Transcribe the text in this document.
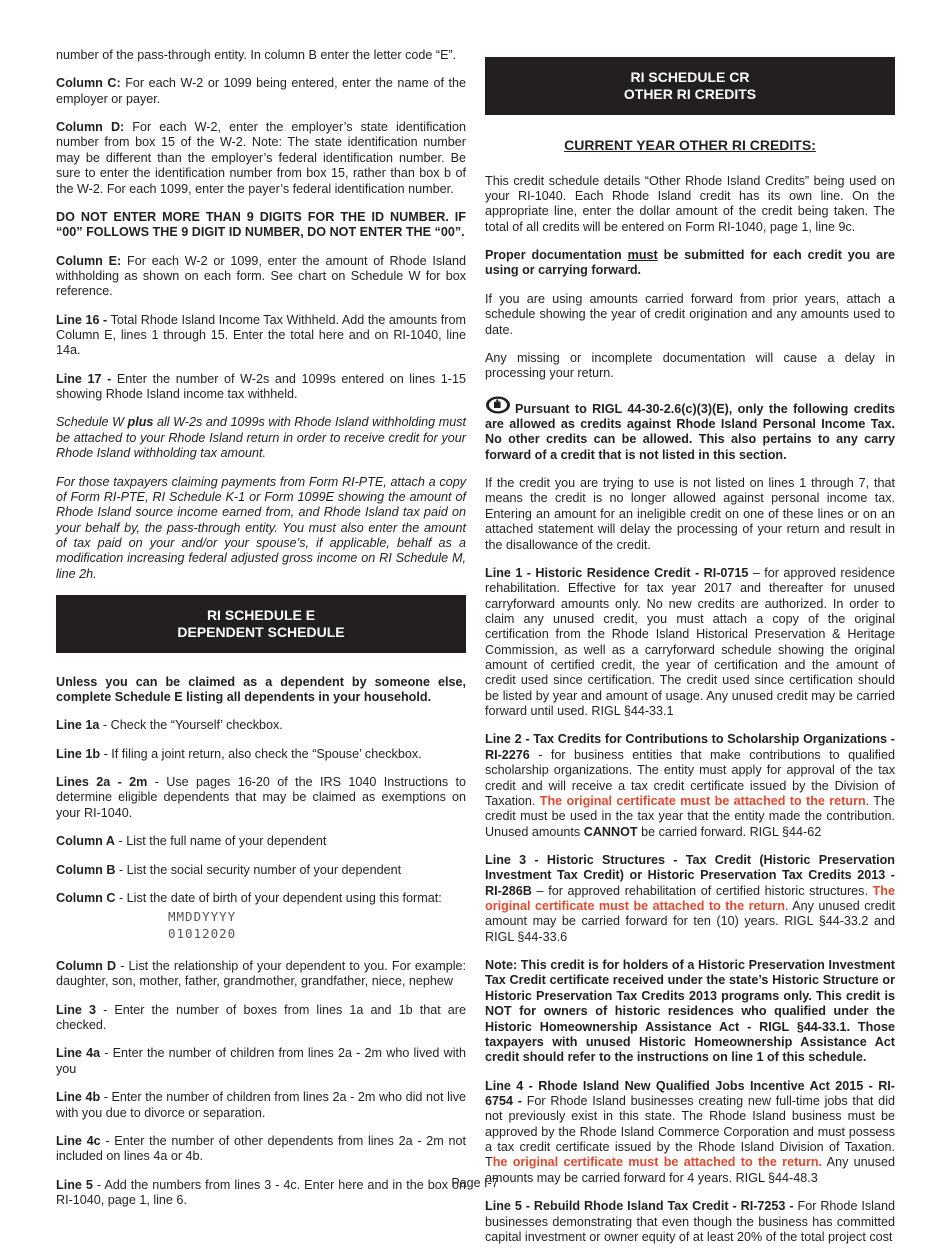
number of the pass-through entity. In column B enter the letter code “E”.

Column C: For each W-2 or 1099 being entered, enter the name of the employer or payer.

Column D: For each W-2, enter the employer’s state identification number from box 15 of the W-2. Note: The state identification number may be different than the employer’s federal identification number. Be sure to enter the identification number from box 15, rather than box b of the W-2. For each 1099, enter the payer’s federal identification number.

DO NOT ENTER MORE THAN 9 DIGITS FOR THE ID NUMBER. IF “00” FOLLOWS THE 9 DIGIT ID NUMBER, DO NOT ENTER THE “00”.

Column E: For each W-2 or 1099, enter the amount of Rhode Island withholding as shown on each form. See chart on Schedule W for box reference.

Line 16 - Total Rhode Island Income Tax Withheld. Add the amounts from Column E, lines 1 through 15. Enter the total here and on RI-1040, line 14a.

Line 17 - Enter the number of W-2s and 1099s entered on lines 1-15 showing Rhode Island income tax withheld.

Schedule W plus all W-2s and 1099s with Rhode Island withholding must be attached to your Rhode Island return in order to receive credit for your Rhode Island withholding tax amount.

For those taxpayers claiming payments from Form RI-PTE, attach a copy of Form RI-PTE, RI Schedule K-1 or Form 1099E showing the amount of Rhode Island source income earned from, and Rhode Island tax paid on your behalf by, the pass-through entity. You must also enter the amount of tax paid on your and/or your spouse’s, if applicable, behalf as a modification increasing federal adjusted gross income on RI Schedule M, line 2h.

RI SCHEDULE E
DEPENDENT SCHEDULE

Unless you can be claimed as a dependent by someone else, complete Schedule E listing all dependents in your household.

Line 1a - Check the “Yourself’ checkbox.

Line 1b - If filing a joint return, also check the “Spouse’ checkbox.

Lines 2a - 2m - Use pages 16-20 of the IRS 1040 Instructions to determine eligible dependents that may be claimed as exemptions on your RI-1040.

Column A - List the full name of your dependent

Column B - List the social security number of your dependent

Column C - List the date of birth of your dependent using this format:

MMDDYYYY
01012020

Column D - List the relationship of your dependent to you. For example: daughter, son, mother, father, grandmother, grandfather, niece, nephew

Line 3 - Enter the number of boxes from lines 1a and 1b that are checked.

Line 4a - Enter the number of children from lines 2a - 2m who lived with you

Line 4b - Enter the number of children from lines 2a - 2m who did not live with you due to divorce or separation.

Line 4c - Enter the number of other dependents from lines 2a - 2m not included on lines 4a or 4b.

Line 5 - Add the numbers from lines 3 - 4c. Enter here and in the box on RI-1040, page 1, line 6.

RI SCHEDULE CR
OTHER RI CREDITS
CURRENT YEAR OTHER RI CREDITS:

This credit schedule details “Other Rhode Island Credits” being used on your RI-1040. Each Rhode Island credit has its own line. On the appropriate line, enter the dollar amount of the credit being taken. The total of all credits will be entered on Form RI-1040, page 1, line 9c.

Proper documentation must be submitted for each credit you are using or carrying forward.

If you are using amounts carried forward from prior years, attach a schedule showing the year of credit origination and any amounts used to date.

Any missing or incomplete documentation will cause a delay in processing your return.

Pursuant to RIGL 44-30-2.6(c)(3)(E), only the following credits are allowed as credits against Rhode Island Personal Income Tax. No other credits can be allowed. This also pertains to any carry forward of a credit that is not listed in this section.

If the credit you are trying to use is not listed on lines 1 through 7, that means the credit is no longer allowed against personal income tax. Entering an amount for an ineligible credit on one of these lines or on an attached statement will delay the processing of your return and result in the disallowance of the credit.

Line 1 - Historic Residence Credit - RI-0715 – for approved residence rehabilitation. Effective for tax year 2017 and thereafter for unused carryforward amounts only. No new credits are authorized. In order to claim any unused credit, you must attach a copy of the original certification from the Rhode Island Historical Preservation & Heritage Commission, as well as a carryforward schedule showing the original amount of certified credit, the year of certification and the amount of credit used since certification. The credit used since certification should be listed by year and amount of usage. Any unused credit may be carried forward until used. RIGL §44-33.1

Line 2 - Tax Credits for Contributions to Scholarship Organizations - RI-2276 - for business entities that make contributions to qualified scholarship organizations. The entity must apply for approval of the tax credit and will receive a tax credit certificate issued by the Division of Taxation. The original certificate must be attached to the return. The credit must be used in the tax year that the entity made the contribution. Unused amounts CANNOT be carried forward. RIGL §44-62

Line 3 - Historic Structures - Tax Credit (Historic Preservation Investment Tax Credit) or Historic Preservation Tax Credits 2013 - RI-286B – for approved rehabilitation of certified historic structures. The original certificate must be attached to the return. Any unused credit amount may be carried forward for ten (10) years. RIGL §44-33.2 and RIGL §44-33.6

Note: This credit is for holders of a Historic Preservation Investment Tax Credit certificate received under the state’s Historic Structure or Historic Preservation Tax Credits 2013 programs only. This credit is NOT for owners of historic residences who qualified under the Historic Homeownership Assistance Act - RIGL §44-33.1. Those taxpayers with unused Historic Homeownership Assistance Act credit should refer to the instructions on line 1 of this schedule.

Line 4 - Rhode Island New Qualified Jobs Incentive Act 2015 - RI-6754 - For Rhode Island businesses creating new full-time jobs that did not previously exist in this state. The Rhode Island business must be approved by the Rhode Island Commerce Corporation and must possess a tax credit certificate issued by the Rhode Island Division of Taxation. The original certificate must be attached to the return. Any unused amounts may be carried forward for 4 years. RIGL §44-48.3

Line 5 - Rebuild Rhode Island Tax Credit - RI-7253 - For Rhode Island businesses demonstrating that even though the business has committed capital investment or owner equity of at least 20% of the total project cost

Page I-7
